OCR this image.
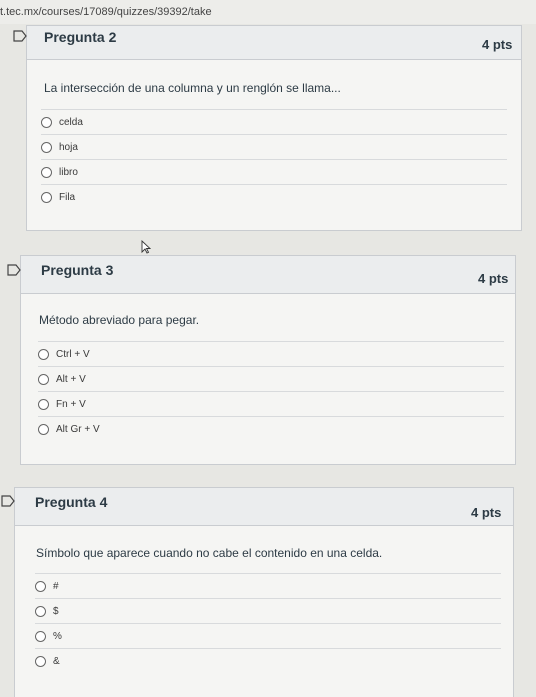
t.tec.mx/courses/17089/quizzes/39392/take
Pregunta 2	4 pts
La intersección de una columna y un renglón se llama...
celda
hoja
libro
Fila
Pregunta 3
4 pts
Método abreviado para pegar.
Ctrl + V
Alt + V
Fn + V
Alt Gr + V
Pregunta 4
4 pts
Símbolo que aparece cuando no cabe el contenido en una celda.
#
$
%
&
